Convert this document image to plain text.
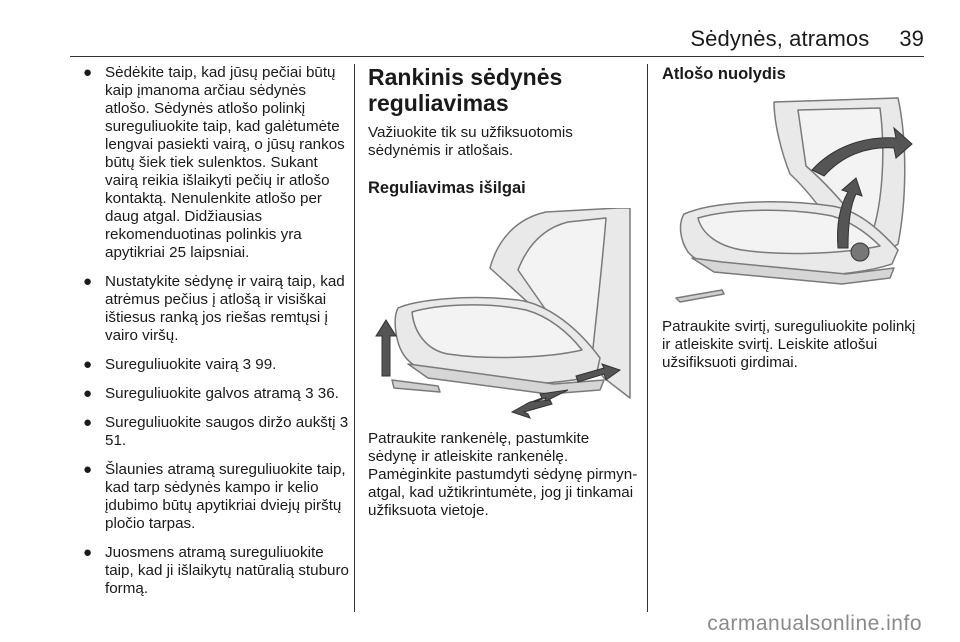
Sėdynės, atramos 39
● Sėdėkite taip, kad jūsų pečiai būtų kaip įmanoma arčiau sėdynės atlošo. Sėdynės atlošo polinkį sureguliuokite taip, kad galėtumėte lengvai pasiekti vairą, o jūsų rankos būtų šiek tiek sulenktos. Sukant vairą reikia išlaikyti pečių ir atlošo kontaktą. Nenulenkite atlošo per daug atgal. Didžiausias rekomenduotinas polinkis yra apytikriai 25 laipsniai.
● Nustatykite sėdynę ir vairą taip, kad atrėmus pečius į atlošą ir visiškai ištiesus ranką jos riešas remtųsi į vairo viršų.
● Sureguliuokite vairą 3 99.
● Sureguliuokite galvos atramą 3 36.
● Sureguliuokite saugos diržo aukštį 3 51.
● Šlaunies atramą sureguliuokite taip, kad tarp sėdynės kampo ir kelio įdubimo būtų apytikriai dviejų pirštų pločio tarpas.
● Juosmens atramą sureguliuokite taip, kad ji išlaikytų natūralią stuburo formą.
Rankinis sėdynės reguliavimas

Važiuokite tik su užfiksuotomis sėdynėmis ir atlošais.

Reguliavimas išilgai

Patraukite rankenėlę, pastumkite sėdynę ir atleiskite rankenėlę. Pamėginkite pastumdyti sėdynę pirmyn-atgal, kad užtikrintumėte, jog ji tinkamai užfiksuota vietoje.

Atlošo nuolydis

Patraukite svirtį, sureguliuokite polinkį ir atleiskite svirtį. Leiskite atlošui užsifiksuoti girdimai.

carmanualsonline.info
